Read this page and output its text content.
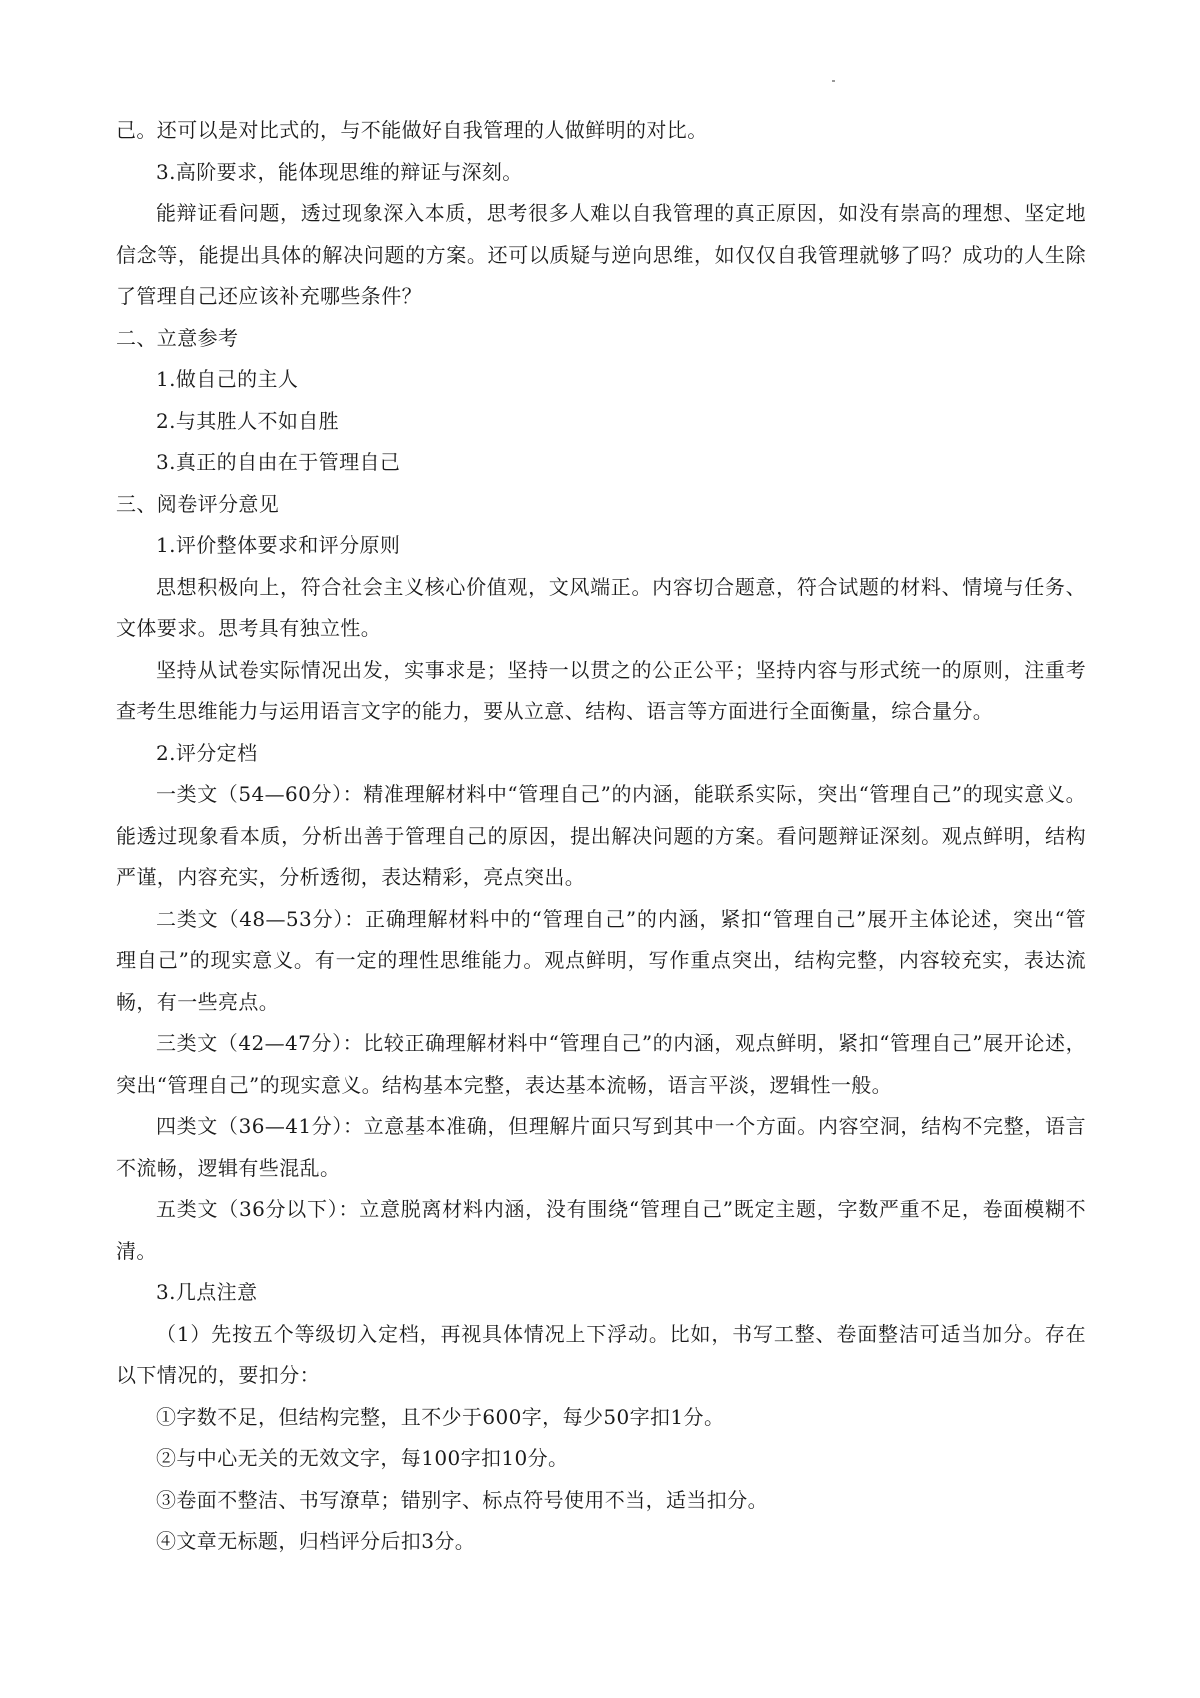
己。还可以是对比式的，与不能做好自我管理的人做鲜明的对比。

3.高阶要求，能体现思维的辩证与深刻。

能辩证看问题，透过现象深入本质，思考很多人难以自我管理的真正原因，如没有崇高的理想、坚定地信念等，能提出具体的解决问题的方案。还可以质疑与逆向思维，如仅仅自我管理就够了吗？成功的人生除了管理自己还应该补充哪些条件？

二、立意参考

1.做自己的主人

2.与其胜人不如自胜

3.真正的自由在于管理自己

三、阅卷评分意见

1.评价整体要求和评分原则

思想积极向上，符合社会主义核心价值观，文风端正。内容切合题意，符合试题的材料、情境与任务、文体要求。思考具有独立性。

坚持从试卷实际情况出发，实事求是；坚持一以贯之的公正公平；坚持内容与形式统一的原则，注重考查考生思维能力与运用语言文字的能力，要从立意、结构、语言等方面进行全面衡量，综合量分。

2.评分定档

一类文（54—60分）：精准理解材料中“管理自己”的内涵，能联系实际，突出“管理自己”的现实意义。能透过现象看本质，分析出善于管理自己的原因，提出解决问题的方案。看问题辩证深刻。观点鲜明，结构严谨，内容充实，分析透彻，表达精彩，亮点突出。

二类文（48—53分）：正确理解材料中的“管理自己”的内涵，紧扣“管理自己”展开主体论述，突出“管理自己”的现实意义。有一定的理性思维能力。观点鲜明，写作重点突出，结构完整，内容较充实，表达流畅，有一些亮点。

三类文（42—47分）：比较正确理解材料中“管理自己”的内涵，观点鲜明，紧扣“管理自己”展开论述，突出“管理自己”的现实意义。结构基本完整，表达基本流畅，语言平淡，逻辑性一般。

四类文（36—41分）：立意基本准确，但理解片面只写到其中一个方面。内容空洞，结构不完整，语言不流畅，逻辑有些混乱。

五类文（36分以下）：立意脱离材料内涵，没有围绕“管理自己”既定主题，字数严重不足，卷面模糊不清。

3.几点注意

（1）先按五个等级切入定档，再视具体情况上下浮动。比如，书写工整、卷面整洁可适当加分。存在以下情况的，要扣分：

①字数不足，但结构完整，且不少于600字，每少50字扣1分。

②与中心无关的无效文字，每100字扣10分。

③卷面不整洁、书写潦草；错别字、标点符号使用不当，适当扣分。

④文章无标题，归档评分后扣3分。
